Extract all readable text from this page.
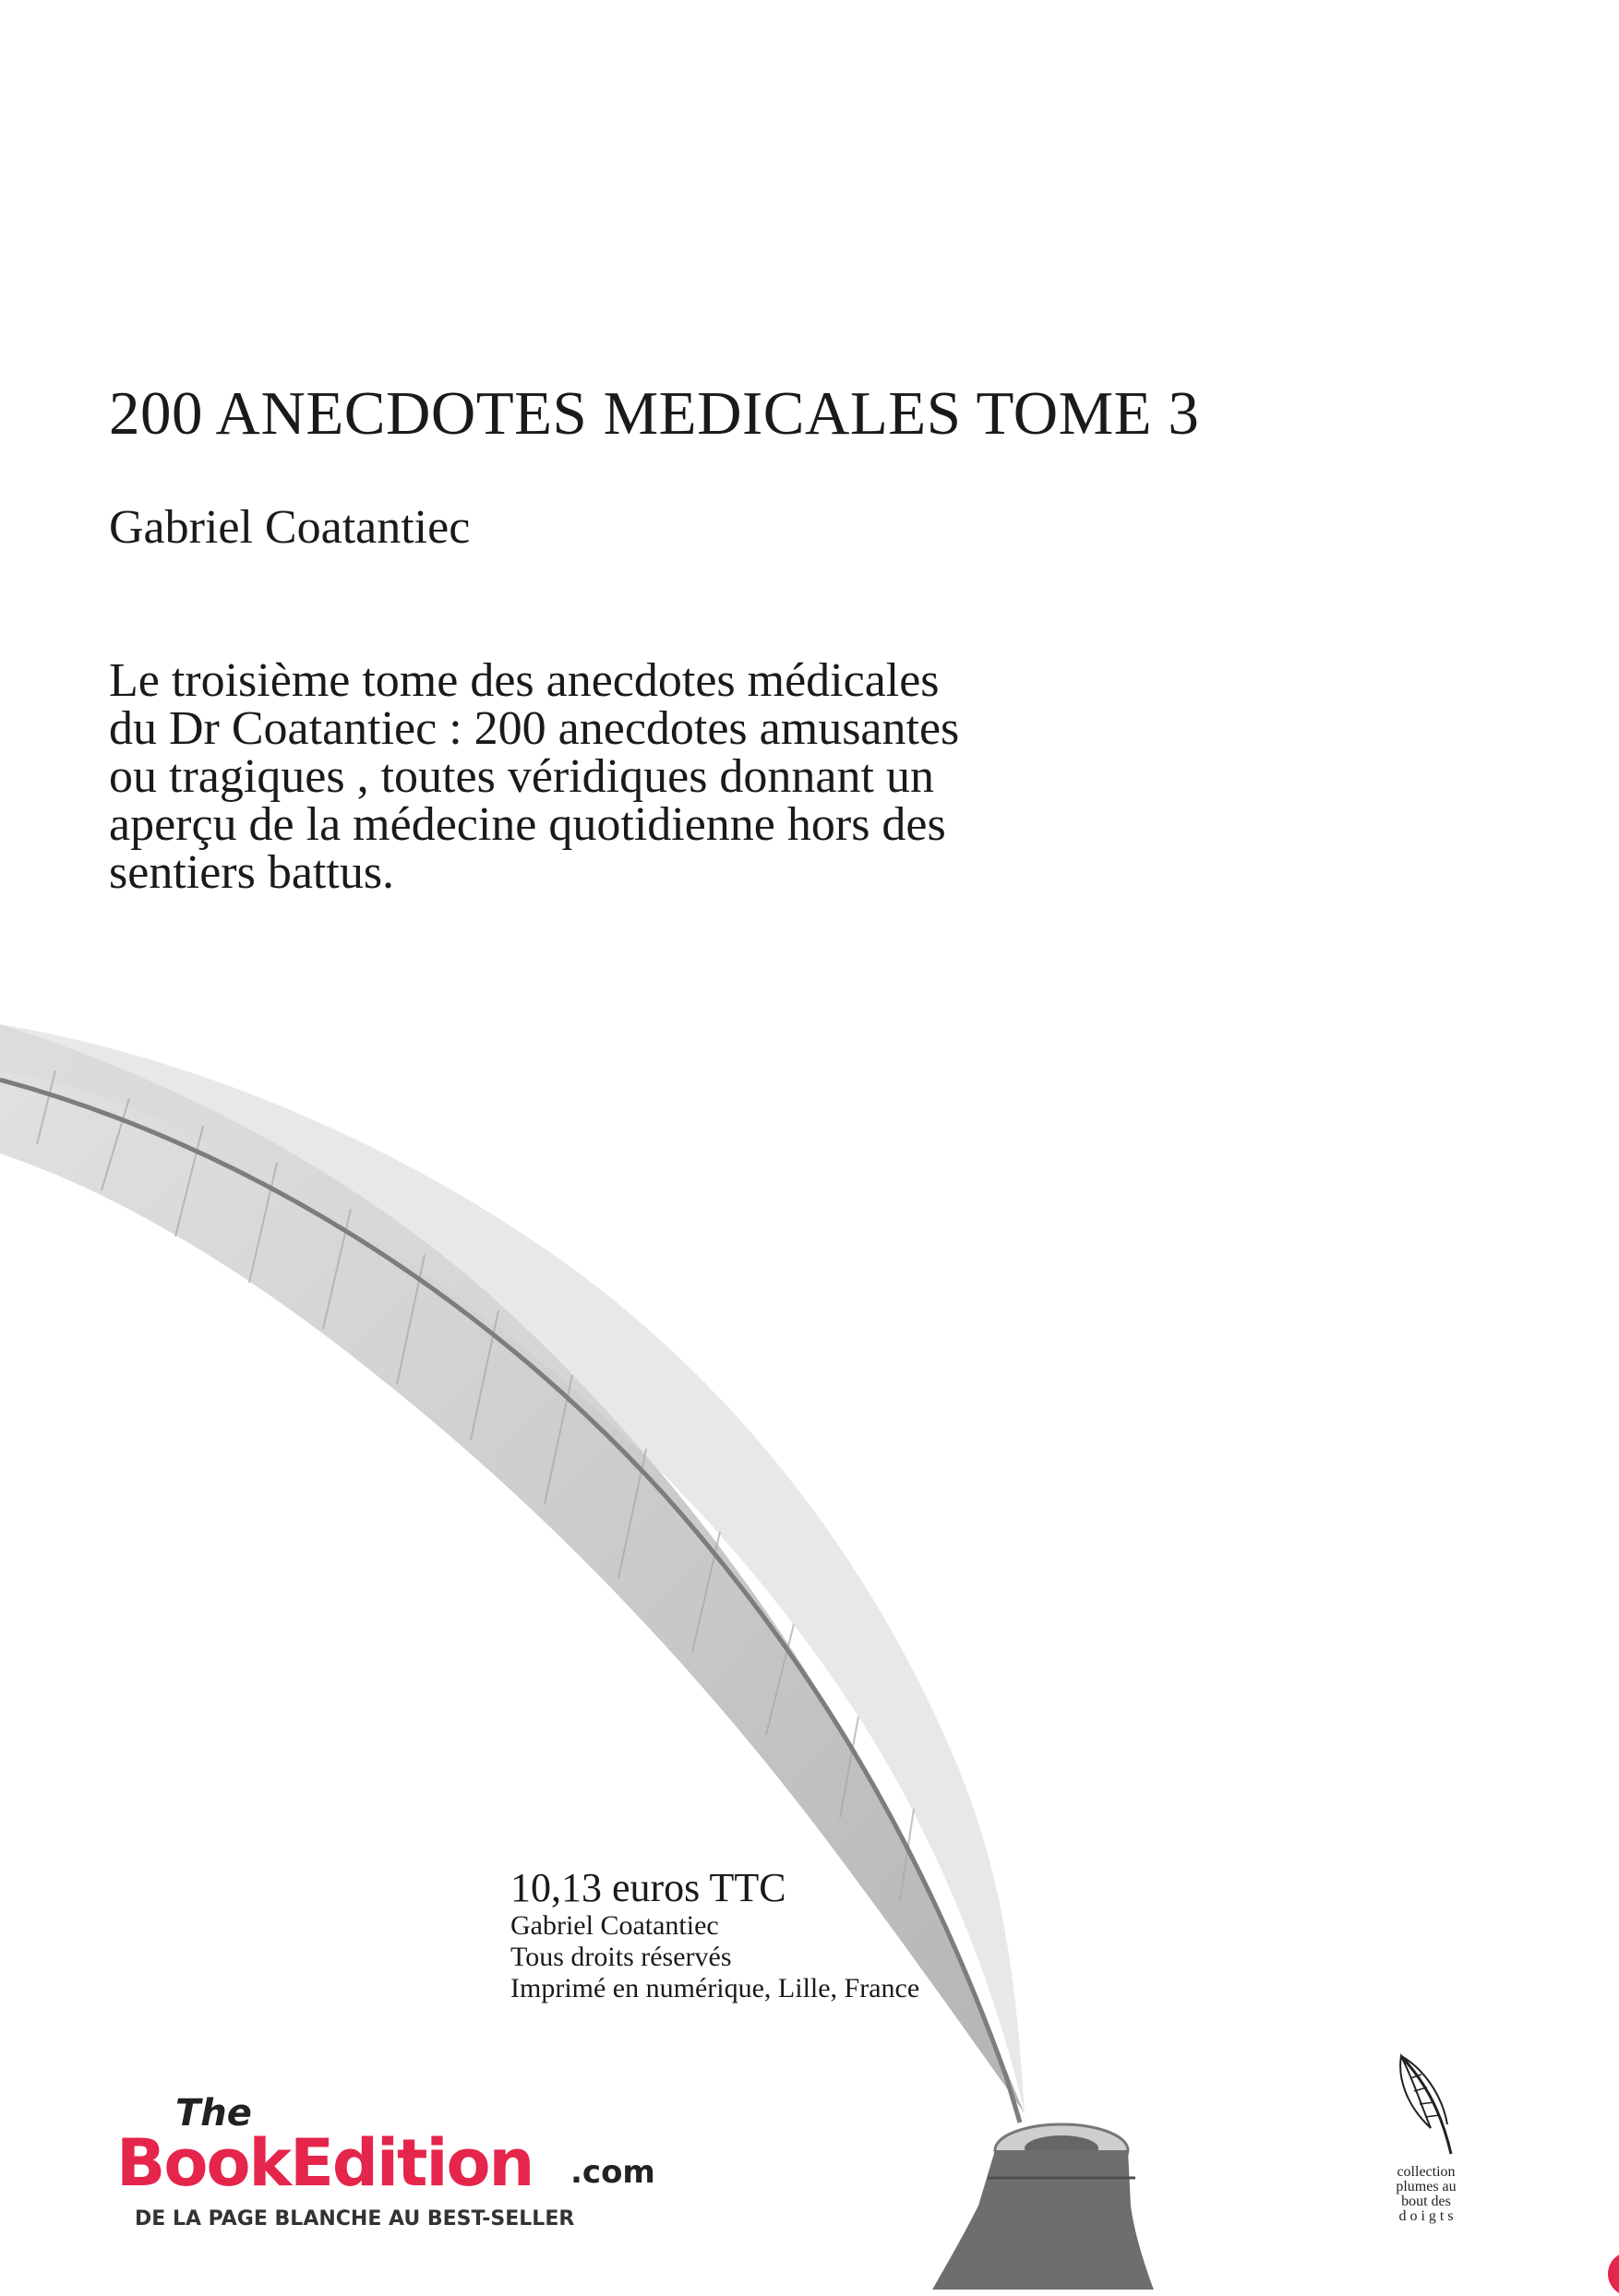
200 ANECDOTES MEDICALES TOME 3
Gabriel Coatantiec
Le troisième tome des anecdotes médicales
du Dr Coatantiec : 200 anecdotes amusantes
ou tragiques , toutes véridiques donnant un
aperçu de la médecine quotidienne hors des
sentiers battus.
10,13 euros TTC
Gabriel Coatantiec
Tous droits réservés
Imprimé en numérique, Lille, France
The
BookEdition .com
DE LA PAGE BLANCHE AU BEST-SELLER
collection
plumes au
bout des
d o i g t s
